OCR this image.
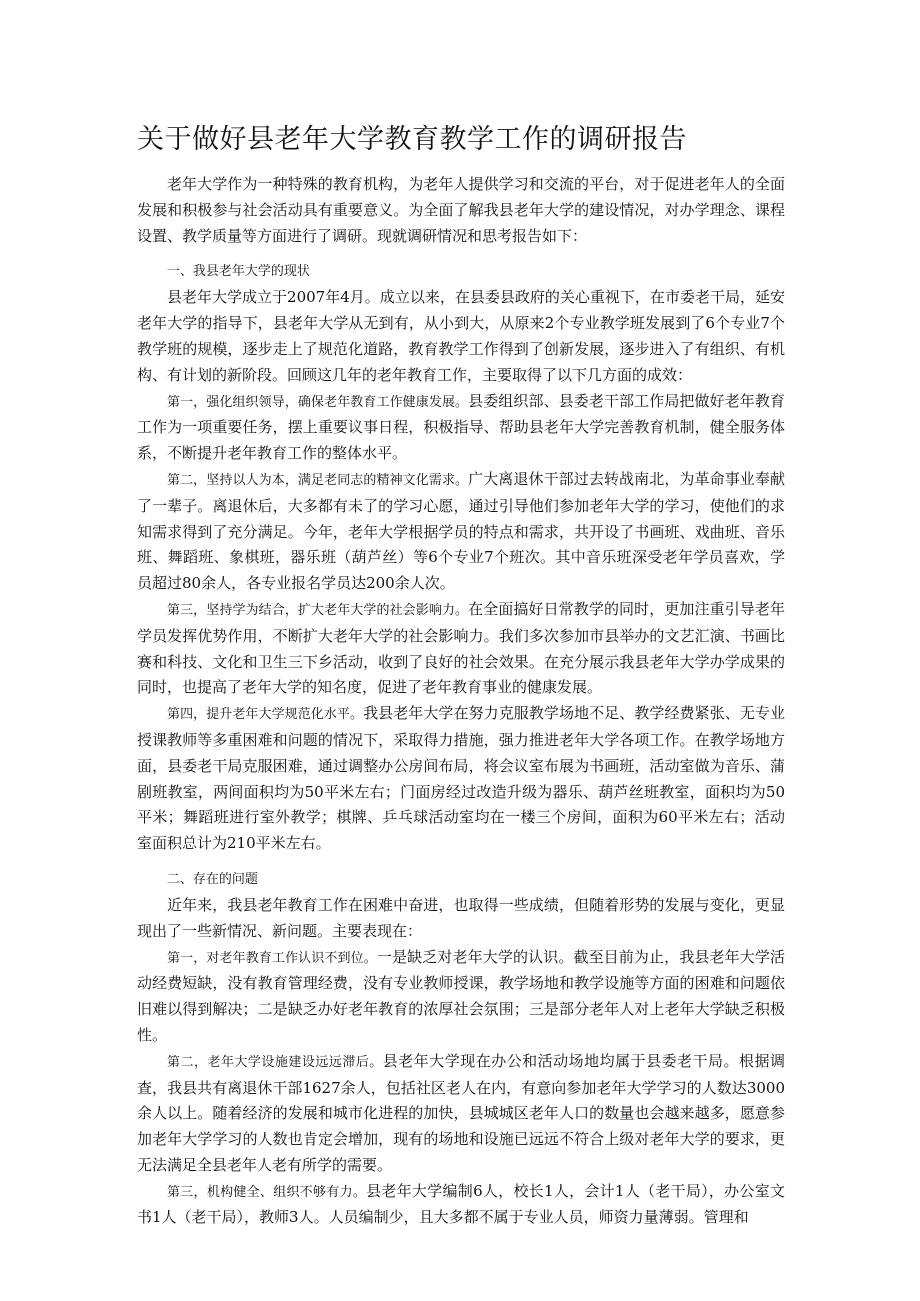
关于做好县老年大学教育教学工作的调研报告

老年大学作为一种特殊的教育机构，为老年人提供学习和交流的平台，对于促进老年人的全面发展和积极参与社会活动具有重要意义。为全面了解我县老年大学的建设情况，对办学理念、课程设置、教学质量等方面进行了调研。现就调研情况和思考报告如下：

一、我县老年大学的现状

县老年大学成立于2007年4月。成立以来，在县委县政府的关心重视下，在市委老干局，延安老年大学的指导下，县老年大学从无到有，从小到大，从原来2个专业教学班发展到了6个专业7个教学班的规模，逐步走上了规范化道路，教育教学工作得到了创新发展，逐步进入了有组织、有机构、有计划的新阶段。回顾这几年的老年教育工作，主要取得了以下几方面的成效：

第一，强化组织领导，确保老年教育工作健康发展。县委组织部、县委老干部工作局把做好老年教育工作为一项重要任务，摆上重要议事日程，积极指导、帮助县老年大学完善教育机制，健全服务体系，不断提升老年教育工作的整体水平。

第二，坚持以人为本，满足老同志的精神文化需求。广大离退休干部过去转战南北，为革命事业奉献了一辈子。离退休后，大多都有未了的学习心愿，通过引导他们参加老年大学的学习，使他们的求知需求得到了充分满足。今年，老年大学根据学员的特点和需求，共开设了书画班、戏曲班、音乐班、舞蹈班、象棋班，器乐班（葫芦丝）等6个专业7个班次。其中音乐班深受老年学员喜欢，学员超过80余人，各专业报名学员达200余人次。

第三，坚持学为结合，扩大老年大学的社会影响力。在全面搞好日常教学的同时，更加注重引导老年学员发挥优势作用，不断扩大老年大学的社会影响力。我们多次参加市县举办的文艺汇演、书画比赛和科技、文化和卫生三下乡活动，收到了良好的社会效果。在充分展示我县老年大学办学成果的同时，也提高了老年大学的知名度，促进了老年教育事业的健康发展。

第四，提升老年大学规范化水平。我县老年大学在努力克服教学场地不足、教学经费紧张、无专业授课教师等多重困难和问题的情况下，采取得力措施，强力推进老年大学各项工作。在教学场地方面，县委老干局克服困难，通过调整办公房间布局，将会议室布展为书画班，活动室做为音乐、蒲剧班教室，两间面积均为50平米左右；门面房经过改造升级为器乐、葫芦丝班教室，面积均为50平米；舞蹈班进行室外教学；棋牌、乒乓球活动室均在一楼三个房间，面积为60平米左右；活动室面积总计为210平米左右。

二、存在的问题

近年来，我县老年教育工作在困难中奋进，也取得一些成绩，但随着形势的发展与变化，更显现出了一些新情况、新问题。主要表现在：

第一，对老年教育工作认识不到位。一是缺乏对老年大学的认识。截至目前为止，我县老年大学活动经费短缺，没有教育管理经费，没有专业教师授课，教学场地和教学设施等方面的困难和问题依旧难以得到解决；二是缺乏办好老年教育的浓厚社会氛围；三是部分老年人对上老年大学缺乏积极性。

第二，老年大学设施建设远远滞后。县老年大学现在办公和活动场地均属于县委老干局。根据调查，我县共有离退休干部1627余人，包括社区老人在内，有意向参加老年大学学习的人数达3000余人以上。随着经济的发展和城市化进程的加快，县城城区老年人口的数量也会越来越多，愿意参加老年大学学习的人数也肯定会增加，现有的场地和设施已远远不符合上级对老年大学的要求，更无法满足全县老年人老有所学的需要。

第三，机构健全、组织不够有力。县老年大学编制6人，校长1人，会计1人（老干局），办公室文书1人（老干局），教师3人。人员编制少，且大多都不属于专业人员，师资力量薄弱。管理和
